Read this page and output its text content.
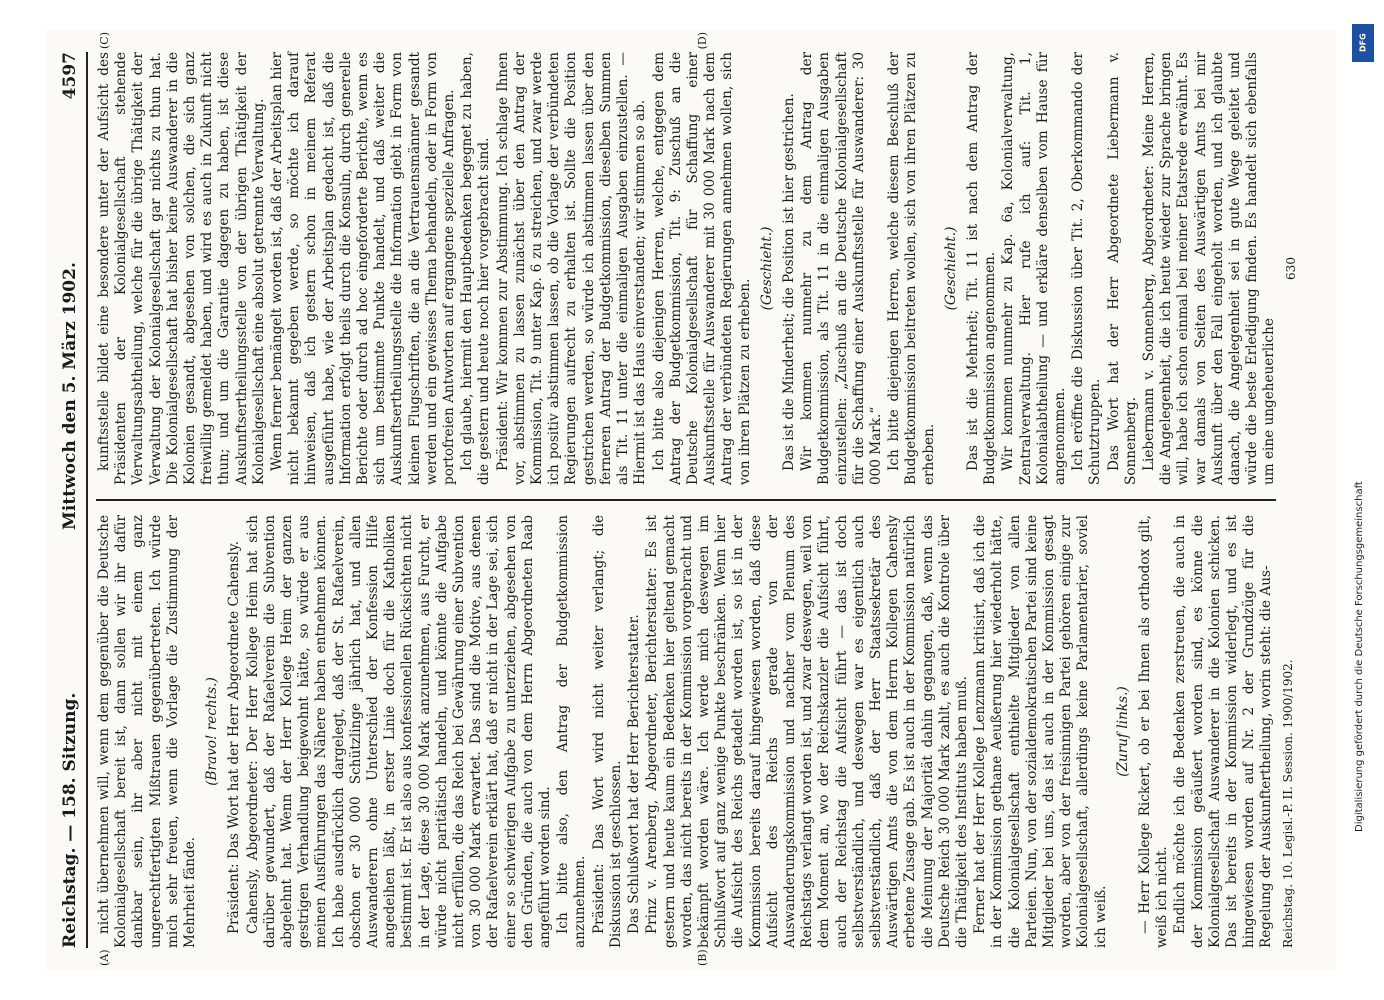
Reichstag. — 158. Sitzung.
Mittwoch den 5. März 1902.
4597
(A)	(B)
(C)	(D)

nicht übernehmen will, wenn dem gegenüber die Deutsche Kolonialgesellschaft bereit ist, dann sollen wir ihr dafür dankbar sein, ihr aber nicht mit einem ganz ungerechtfertigten Mißtrauen gegenübertreten. Ich würde mich sehr freuen, wenn die Vorlage die Zustimmung der Mehrheit fände.

(Bravo! rechts.) Präsident: Das Wort hat der Herr Abgeordnete Cahensly. Cahensly, Abgeordneter: Der Herr Kollege Heim hat sich darüber gewundert, daß der Rafaelverein die Subvention abgelehnt hat. Wenn der Herr Kollege Heim der ganzen gestrigen Verhandlung beigewohnt hätte, so würde er aus meinen Ausführungen das Nähere haben entnehmen können. Ich habe ausdrücklich dargelegt, daß der St. Rafaelverein, obschon er 30 000 Schützlinge jährlich hat, und allen Auswanderern ohne Unterschied der Konfession Hilfe angedeihen läßt, in erster Linie doch für die Katholiken bestimmt ist. Er ist also aus konfessionellen Rücksichten nicht in der Lage, diese 30 000 Mark anzunehmen, aus Furcht, er würde nicht paritätisch handeln, und könnte die Aufgabe nicht erfüllen, die das Reich bei Gewährung einer Subvention von 30 000 Mark erwartet. Das sind die Motive, aus denen der Rafaelverein erklärt hat, daß er nicht in der Lage sei, sich einer so schwierigen Aufgabe zu unterziehen, abgesehen von den Gründen, die auch von dem Herrn Abgeordneten Raab angeführt worden sind. Ich bitte also, den Antrag der Budgetkommission anzunehmen. Präsident: Das Wort wird nicht weiter verlangt; die Diskussion ist geschlossen. Das Schlußwort hat der Herr Berichterstatter. Prinz v. Arenberg, Abgeordneter, Berichterstatter: Es ist gestern und heute kaum ein Bedenken hier geltend gemacht worden, das nicht bereits in der Kommission vorgebracht und bekämpft worden wäre. Ich werde mich deswegen im Schlußwort auf ganz wenige Punkte beschränken. Wenn hier die Aufsicht des Reichs getadelt worden ist, so ist in der Kommission bereits darauf hingewiesen worden, daß diese Aufsicht des Reichs gerade von der Auswanderungskommission und nachher vom Plenum des Reichstags verlangt worden ist, und zwar deswegen, weil von dem Moment an, wo der Reichskanzler die Aufsicht führt, auch der Reichstag die Aufsicht führt — das ist doch selbstverständlich, und deswegen war es eigentlich auch selbstverständlich, daß der Herr Staatssekretär des Auswärtigen Amts die von dem Herrn Kollegen Cahensly erbetene Zusage gab. Es ist auch in der Kommission natürlich die Meinung der Majorität dahin gegangen, daß, wenn das Deutsche Reich 30 000 Mark zahlt, es auch die Kontrole über die Thätigkeit des Instituts haben muß. Ferner hat der Herr Kollege Lenzmann kritisirt, daß ich die in der Kommission gethane Aeußerung hier wiederholt hätte, die Kolonialgesellschaft enthielte Mitglieder von allen Parteien. Nun, von der sozialdemokratischen Partei sind keine Mitglieder bei uns, das ist auch in der Kommission gesagt worden, aber von der freisinnigen Partei gehören einige zur Kolonialgesellschaft, allerdings keine Parlamentarier, soviel ich weiß.

(Zuruf links.) — Herr Kollege Rickert, ob er bei Ihnen als orthodox gilt, weiß ich nicht. Endlich möchte ich die Bedenken zerstreuen, die auch in der Kommission geäußert worden sind, es könne die Kolonialgesellschaft Auswanderer in die Kolonien schicken. Das ist bereits in der Kommission widerlegt, und es ist hingewiesen worden auf Nr. 2 der Grundzüge für die Regelung der Auskunftertheilung, worin steht: die Aus- Reichstag. 10. Legisl.-P. II. Session. 1900/1902.

kunftsstelle bildet eine besondere unter der Aufsicht des Präsidenten der Kolonialgesellschaft stehende Verwaltungsabtheilung, welche für die übrige Thätigkeit der Verwaltung der Kolonialgesellschaft gar nichts zu thun hat. Die Kolonialgesellschaft hat bisher keine Auswanderer in die Kolonien gesandt, abgesehen von solchen, die sich ganz freiwillig gemeldet haben, und wird es auch in Zukunft nicht thun; und um die Garantie dagegen zu haben, ist diese Auskunftsertheilungsstelle von der übrigen Thätigkeit der Kolonialgesellschaft eine absolut getrennte Verwaltung. Wenn ferner bemängelt worden ist, daß der Arbeitsplan hier nicht bekannt gegeben werde, so möchte ich darauf hinweisen, daß ich gestern schon in meinem Referat ausgeführt habe, wie der Arbeitsplan gedacht ist, daß die Information erfolgt theils durch die Konsuln, durch generelle Berichte oder durch ad hoc eingeforderte Berichte, wenn es sich um bestimmte Punkte handelt, und daß weiter die Auskunftsertheilungsstelle die Information giebt in Form von kleinen Flugschriften, die an die Vertrauensmänner gesandt werden und ein gewisses Thema behandeln, oder in Form von portofreien Antworten auf ergangene spezielle Anfragen. Ich glaube, hiermit den Hauptbedenken begegnet zu haben, die gestern und heute noch hier vorgebracht sind. Präsident: Wir kommen zur Abstimmung. Ich schlage Ihnen vor, abstimmen zu lassen zunächst über den Antrag der Kommission, Tit. 9 unter Kap. 6 zu streichen, und zwar werde ich positiv abstimmen lassen, ob die Vorlage der verbündeten Regierungen aufrecht zu erhalten ist. Sollte die Position gestrichen werden, so würde ich abstimmen lassen über den ferneren Antrag der Budgetkommission, dieselben Summen als Tit. 11 unter die einmaligen Ausgaben einzustellen. — Hiermit ist das Haus einverstanden; wir stimmen so ab. Ich bitte also diejenigen Herren, welche, entgegen dem Antrag der Budgetkommission, Tit. 9: Zuschuß an die Deutsche Kolonialgesellschaft für Schaffung einer Auskunftsstelle für Auswanderer mit 30 000 Mark nach dem Antrag der verbündeten Regierungen annehmen wollen, sich von ihren Plätzen zu erheben.

(Geschieht.) Das ist die Minderheit; die Position ist hier gestrichen. Wir kommen nunmehr zu dem Antrag der Budgetkommission, als Tit. 11 in die einmaligen Ausgaben einzustellen: „Zuschuß an die Deutsche Kolonialgesellschaft für die Schaffung einer Auskunftsstelle für Auswanderer: 30 000 Mark.“ Ich bitte diejenigen Herren, welche diesem Beschluß der Budgetkommission beitreten wollen, sich von ihren Plätzen zu erheben.

(Geschieht.) Das ist die Mehrheit; Tit. 11 ist nach dem Antrag der Budgetkommission angenommen. Wir kommen nunmehr zu Kap. 6a, Kolonialverwaltung, Zentralverwaltung. Hier rufe ich auf: Tit. 1, Kolonialabtheilung — und erkläre denselben vom Hause für angenommen. Ich eröffne die Diskussion über Tit. 2, Oberkommando der Schutztruppen. Das Wort hat der Herr Abgeordnete Liebermann v. Sonnenberg. Liebermann v. Sonnenberg, Abgeordneter: Meine Herren, die Angelegenheit, die ich heute wieder zur Sprache bringen will, habe ich schon einmal bei meiner Etatsrede erwähnt. Es war damals von Seiten des Auswärtigen Amts bei mir Auskunft über den Fall eingeholt worden, und ich glaubte danach, die Angelegenheit sei in gute Wege geleitet und würde die beste Erledigung finden. Es handelt sich ebenfalls um eine ungeheuerliche

630
DFG
Digitalisierung gefördert durch die Deutsche Forschungsgemeinschaft
